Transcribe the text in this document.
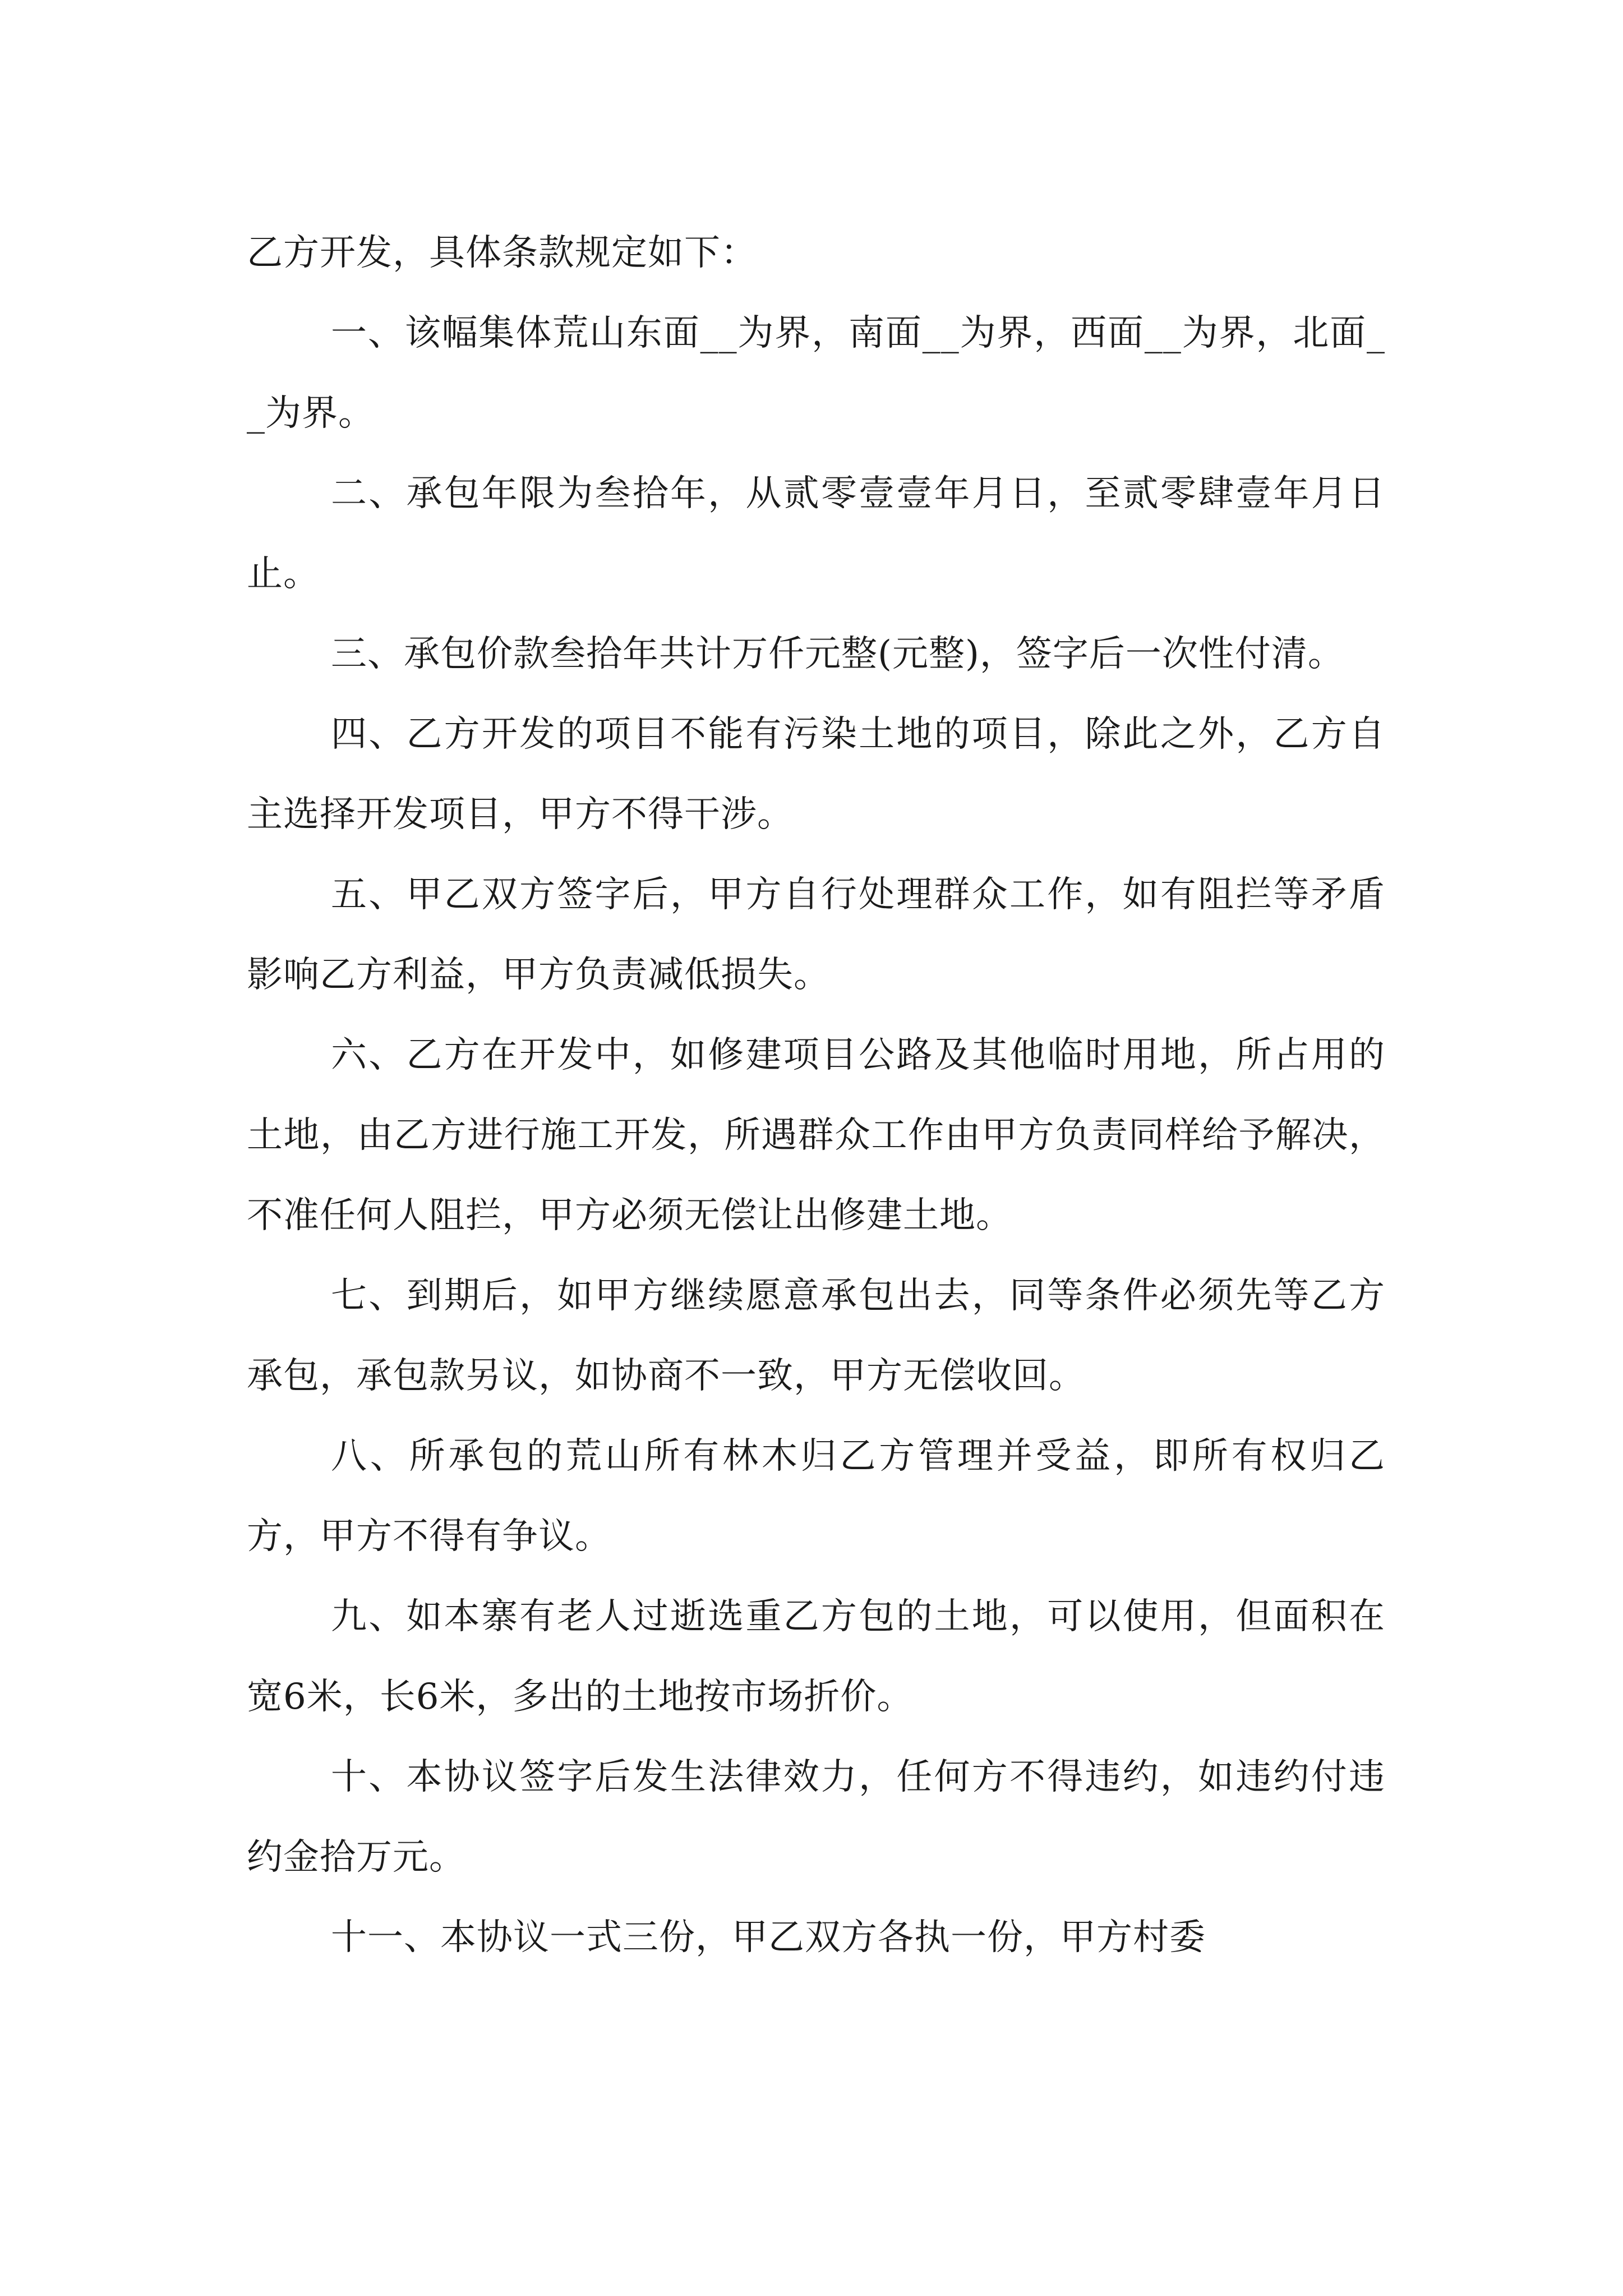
乙方开发，具体条款规定如下：

一、该幅集体荒山东面__为界，南面__为界，西面__为界，北面__为界。

二、承包年限为叁拾年，从贰零壹壹年月日，至贰零肆壹年月日止。

三、承包价款叁拾年共计万仟元整(元整)，签字后一次性付清。

四、乙方开发的项目不能有污染土地的项目，除此之外，乙方自主选择开发项目，甲方不得干涉。

五、甲乙双方签字后，甲方自行处理群众工作，如有阻拦等矛盾影响乙方利益，甲方负责减低损失。

六、乙方在开发中，如修建项目公路及其他临时用地，所占用的土地，由乙方进行施工开发，所遇群众工作由甲方负责同样给予解决，不准任何人阻拦，甲方必须无偿让出修建土地。

七、到期后，如甲方继续愿意承包出去，同等条件必须先等乙方承包，承包款另议，如协商不一致，甲方无偿收回。

八、所承包的荒山所有林木归乙方管理并受益，即所有权归乙方，甲方不得有争议。

九、如本寨有老人过逝选重乙方包的土地，可以使用，但面积在宽6米，长6米，多出的土地按市场折价。

十、本协议签字后发生法律效力，任何方不得违约，如违约付违约金拾万元。

十一、本协议一式三份，甲乙双方各执一份，甲方村委
